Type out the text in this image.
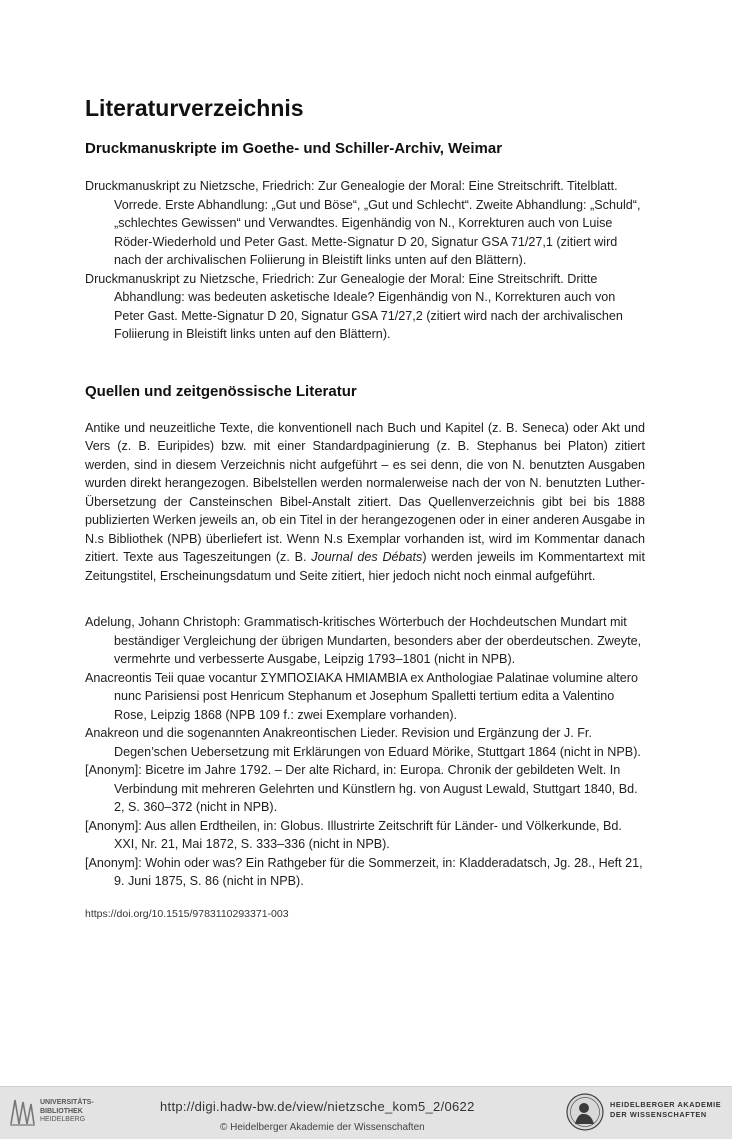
Literaturverzeichnis
Druckmanuskripte im Goethe- und Schiller-Archiv, Weimar

Druckmanuskript zu Nietzsche, Friedrich: Zur Genealogie der Moral: Eine Streitschrift. Titelblatt. Vorrede. Erste Abhandlung: „Gut und Böse“, „Gut und Schlecht“. Zweite Abhandlung: „Schuld“, „schlechtes Gewissen“ und Verwandtes. Eigenhändig von N., Korrekturen auch von Luise Röder-Wiederhold und Peter Gast. Mette-Signatur D 20, Signatur GSA 71/27,1 (zitiert wird nach der archivalischen Foliierung in Bleistift links unten auf den Blättern).

Druckmanuskript zu Nietzsche, Friedrich: Zur Genealogie der Moral: Eine Streitschrift. Dritte Abhandlung: was bedeuten asketische Ideale? Eigenhändig von N., Korrekturen auch von Peter Gast. Mette-Signatur D 20, Signatur GSA 71/27,2 (zitiert wird nach der archivalischen Foliierung in Bleistift links unten auf den Blättern).

Quellen und zeitgenössische Literatur

Antike und neuzeitliche Texte, die konventionell nach Buch und Kapitel (z. B. Seneca) oder Akt und Vers (z. B. Euripides) bzw. mit einer Standardpaginierung (z. B. Stephanus bei Platon) zitiert werden, sind in diesem Verzeichnis nicht aufgeführt – es sei denn, die von N. benutzten Ausgaben wurden direkt herangezogen. Bibelstellen werden normalerweise nach der von N. benutzten Luther-Übersetzung der Cansteinschen Bibel-Anstalt zitiert. Das Quellenverzeichnis gibt bei bis 1888 publizierten Werken jeweils an, ob ein Titel in der herangezogenen oder in einer anderen Ausgabe in N.s Bibliothek (NPB) überliefert ist. Wenn N.s Exemplar vorhanden ist, wird im Kommentar danach zitiert. Texte aus Tageszeitungen (z. B. Journal des Débats) werden jeweils im Kommentartext mit Zeitungstitel, Erscheinungsdatum und Seite zitiert, hier jedoch nicht noch einmal aufgeführt.

Adelung, Johann Christoph: Grammatisch-kritisches Wörterbuch der Hochdeutschen Mundart mit beständiger Vergleichung der übrigen Mundarten, besonders aber der oberdeutschen. Zweyte, vermehrte und verbesserte Ausgabe, Leipzig 1793–1801 (nicht in NPB).

Anacreontis Teii quae vocantur ΣΥΜΠΟΣΙΑΚΑ ΗΜΙΑΜΒΙΑ ex Anthologiae Palatinae volumine altero nunc Parisiensi post Henricum Stephanum et Josephum Spalletti tertium edita a Valentino Rose, Leipzig 1868 (NPB 109 f.: zwei Exemplare vorhanden).

Anakreon und die sogenannten Anakreontischen Lieder. Revision und Ergänzung der J. Fr. Degen’schen Uebersetzung mit Erklärungen von Eduard Mörike, Stuttgart 1864 (nicht in NPB).

[Anonym]: Bicetre im Jahre 1792. – Der alte Richard, in: Europa. Chronik der gebildeten Welt. In Verbindung mit mehreren Gelehrten und Künstlern hg. von August Lewald, Stuttgart 1840, Bd. 2, S. 360–372 (nicht in NPB).

[Anonym]: Aus allen Erdtheilen, in: Globus. Illustrirte Zeitschrift für Länder- und Völkerkunde, Bd. XXI, Nr. 21, Mai 1872, S. 333–336 (nicht in NPB).

[Anonym]: Wohin oder was? Ein Rathgeber für die Sommerzeit, in: Kladderadatsch, Jg. 28., Heft 21, 9. Juni 1875, S. 86 (nicht in NPB).

https://doi.org/10.1515/9783110293371-003
UNIVERSITÄTS-
BIBLIOTHEK
HEIDELBERG
http://digi.hadw-bw.de/view/nietzsche_kom5_2/0622
© Heidelberger Akademie der Wissenschaften
HEIDELBERGER AKADEMIE
DER WISSENSCHAFTEN
